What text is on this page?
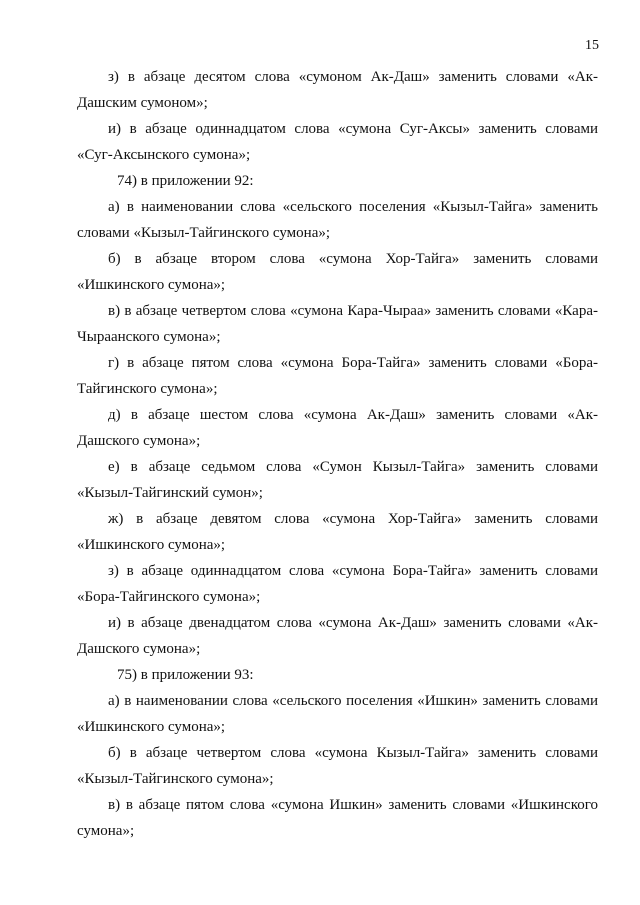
15

з) в абзаце десятом слова «сумоном Ак-Даш» заменить словами «Ак-Дашским сумоном»;

и) в абзаце одиннадцатом слова «сумона Суг-Аксы» заменить словами «Суг-Аксынского сумона»;

74) в приложении 92:

а) в наименовании слова «сельского поселения «Кызыл-Тайга» заменить словами «Кызыл-Тайгинского сумона»;

б) в абзаце втором слова «сумона Хор-Тайга» заменить словами «Ишкинского сумона»;

в) в абзаце четвертом слова «сумона Кара-Чыраа» заменить словами «Кара-Чыраанского сумона»;

г) в абзаце пятом слова «сумона Бора-Тайга» заменить словами «Бора-Тайгинского сумона»;

д) в абзаце шестом слова «сумона Ак-Даш» заменить словами «Ак-Дашского сумона»;

е) в абзаце седьмом слова «Сумон Кызыл-Тайга» заменить словами «Кызыл-Тайгинский сумон»;

ж) в абзаце девятом слова «сумона Хор-Тайга» заменить словами «Ишкинского сумона»;

з) в абзаце одиннадцатом слова «сумона Бора-Тайга» заменить словами «Бора-Тайгинского сумона»;

и) в абзаце двенадцатом слова «сумона Ак-Даш» заменить словами «Ак-Дашского сумона»;

75) в приложении 93:

а) в наименовании слова «сельского поселения «Ишкин» заменить словами «Ишкинского сумона»;

б) в абзаце четвертом слова «сумона Кызыл-Тайга» заменить словами «Кызыл-Тайгинского сумона»;

в) в абзаце пятом слова «сумона Ишкин» заменить словами «Ишкинского сумона»;
